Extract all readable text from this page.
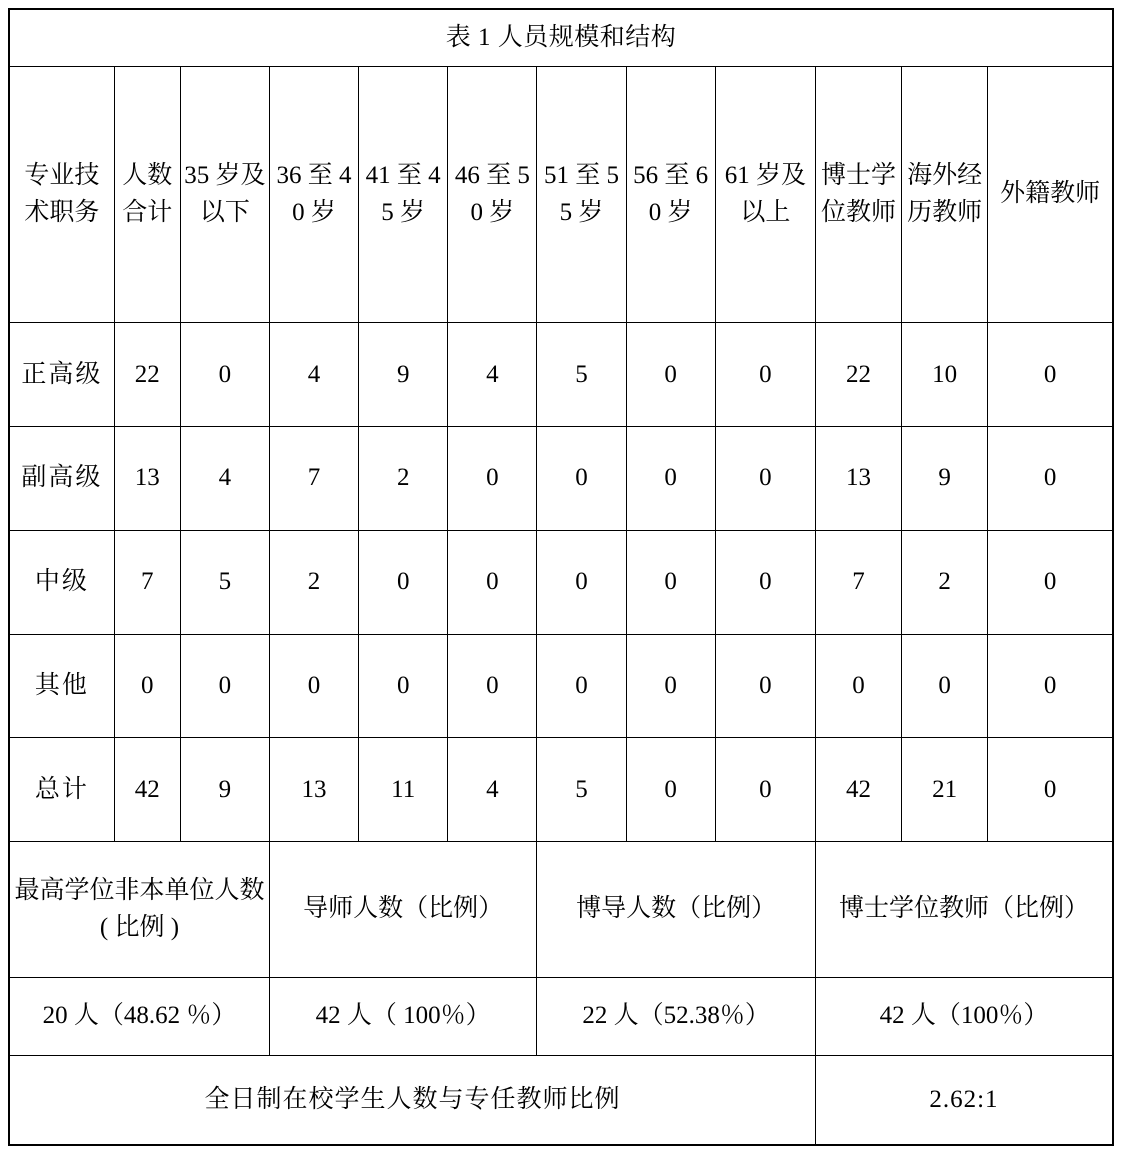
表 1 人员规模和结构											
专业技术职务	人数合计	35 岁及以下	36 至 40 岁	41 至 45 岁	46 至 50 岁	51 至 55 岁	56 至 60 岁	61 岁及以上	博士学位教师	海外经历教师	外籍教师
正高级	22	0	4	9	4	5	0	0	22	10	0
副高级	13	4	7	2	0	0	0	0	13	9	0
中级	7	5	2	0	0	0	0	0	7	2	0
其他	0	0	0	0	0	0	0	0	0	0	0
总计	42	9	13	11	4	5	0	0	42	21	0
最高学位非本单位人数( 比例 )			导师人数（比例）			博导人数（比例）			博士学位教师（比例）		
20 人（48.62 ％）			42 人（ 100％）			22 人（52.38％）			42 人（100％）		
全日制在校学生人数与专任教师比例									2.62:1		
